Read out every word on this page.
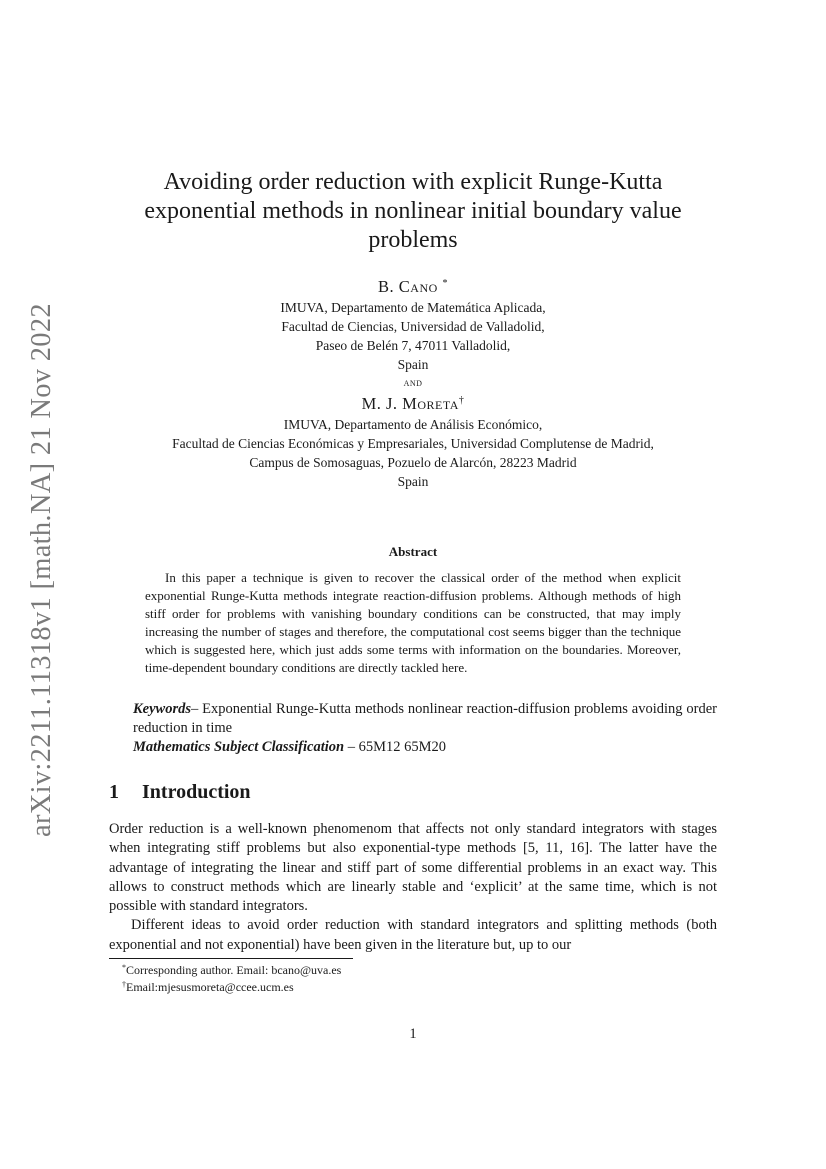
arXiv:2211.11318v1 [math.NA] 21 Nov 2022
Avoiding order reduction with explicit Runge-Kutta
exponential methods in nonlinear initial boundary value
problems
B. Cano *
IMUVA, Departamento de Matemática Aplicada,
Facultad de Ciencias, Universidad de Valladolid,
Paseo de Belén 7, 47011 Valladolid,
Spain
and
M. J. Moreta†
IMUVA, Departamento de Análisis Económico,
Facultad de Ciencias Económicas y Empresariales, Universidad Complutense de Madrid,
Campus de Somosaguas, Pozuelo de Alarcón, 28223 Madrid
Spain
Abstract

In this paper a technique is given to recover the classical order of the method when explicit exponential Runge-Kutta methods integrate reaction-diffusion problems. Although methods of high stiff order for problems with vanishing boundary conditions can be constructed, that may imply increasing the number of stages and therefore, the computational cost seems bigger than the technique which is suggested here, which just adds some terms with information on the boundaries. Moreover, time-dependent boundary conditions are directly tackled here.

Keywords– Exponential Runge-Kutta methods nonlinear reaction-diffusion problems avoiding order reduction in time

Mathematics Subject Classification – 65M12 65M20

1 Introduction

Order reduction is a well-known phenomenom that affects not only standard integrators with stages when integrating stiff problems but also exponential-type methods [5, 11, 16]. The latter have the advantage of integrating the linear and stiff part of some differential problems in an exact way. This allows to construct methods which are linearly stable and ‘explicit’ at the same time, which is not possible with standard integrators.

Different ideas to avoid order reduction with standard integrators and splitting methods (both exponential and not exponential) have been given in the literature but, up to our

*Corresponding author. Email: bcano@uva.es
†Email:mjesusmoreta@ccee.ucm.es
1
